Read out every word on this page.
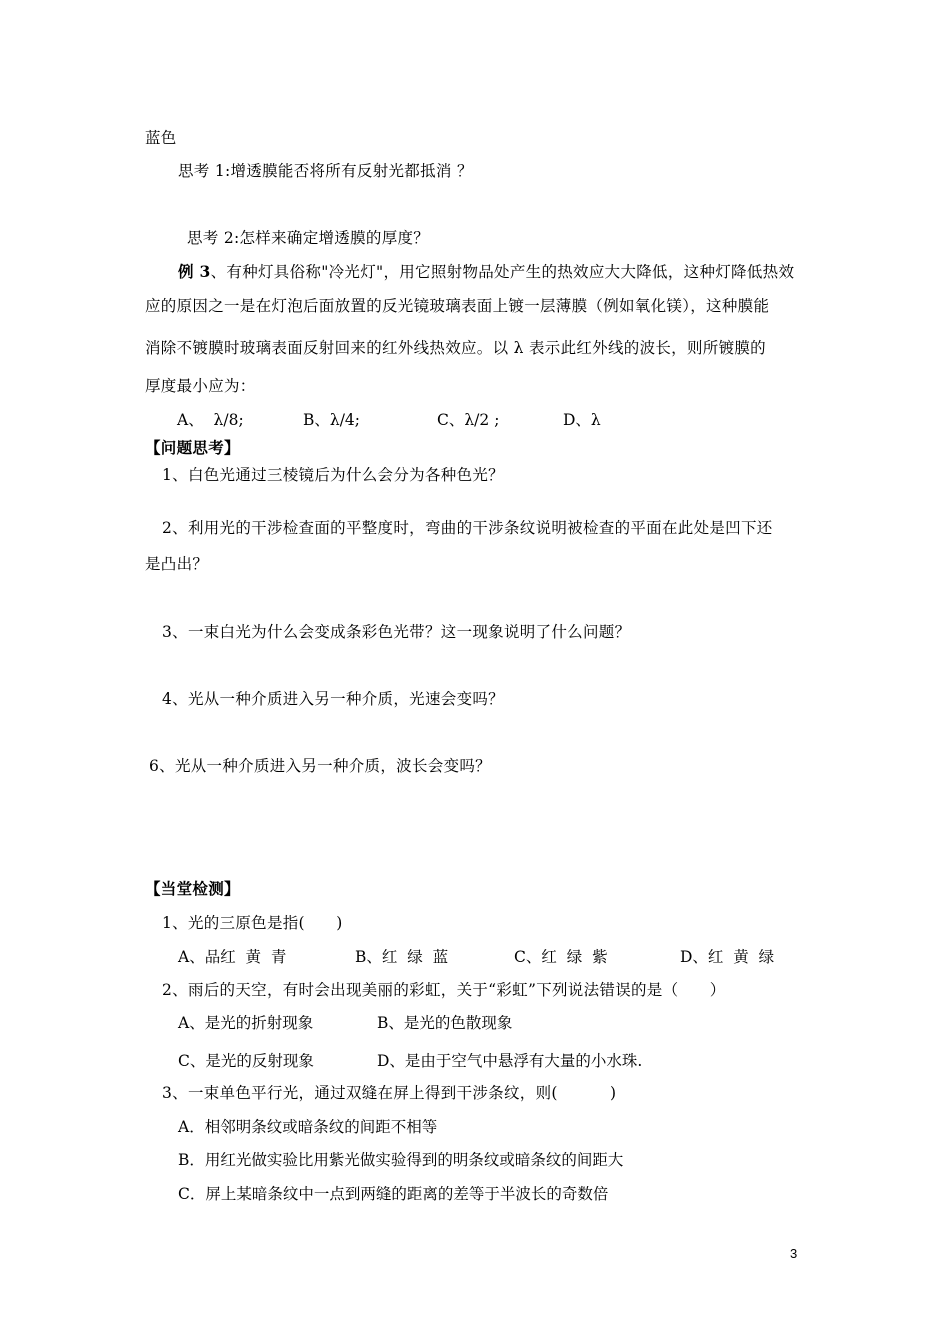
蓝色
思考 1:增透膜能否将所有反射光都抵消 ？
思考 2:怎样来确定增透膜的厚度？
例 3、有种灯具俗称"冷光灯"，用它照射物品处产生的热效应大大降低，这种灯降低热效
应的原因之一是在灯泡后面放置的反光镜玻璃表面上镀一层薄膜（例如氧化镁），这种膜能
消除不镀膜时玻璃表面反射回来的红外线热效应。以 λ 表示此红外线的波长，则所镀膜的
厚度最小应为：
A、  λ/8;	B、λ/4;	C、λ/2 ;	D、λ
【问题思考】
1、白色光通过三棱镜后为什么会分为各种色光？
2、利用光的干涉检查面的平整度时，弯曲的干涉条纹说明被检查的平面在此处是凹下还
是凸出？
3、一束白光为什么会变成条彩色光带？这一现象说明了什么问题？
4、光从一种介质进入另一种介质，光速会变吗？
6、光从一种介质进入另一种介质，波长会变吗？
【当堂检测】
1、光的三原色是指(      )
A、品红  黄  青	B、红  绿  蓝	C、红  绿  紫	D、红  黄  绿
2、雨后的天空，有时会出现美丽的彩虹，关于“彩虹”下列说法错误的是（      ）
A、是光的折射现象	B、是光的色散现象
C、是光的反射现象	D、是由于空气中悬浮有大量的小水珠.
3、一束单色平行光，通过双缝在屏上得到干涉条纹，则(          )
A．相邻明条纹或暗条纹的间距不相等
B．用红光做实验比用紫光做实验得到的明条纹或暗条纹的间距大
C．屏上某暗条纹中一点到两缝的距离的差等于半波长的奇数倍
3
